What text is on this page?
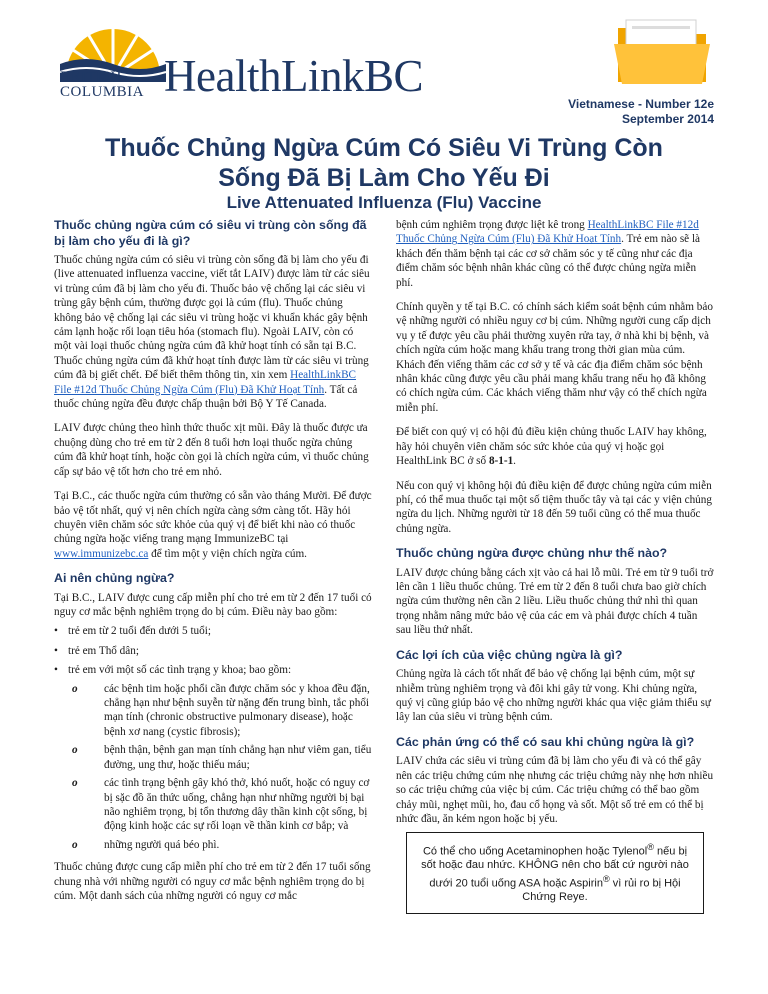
BRITISH
COLUMBIA HealthLinkBC
Vietnamese - Number 12e
September 2014
Thuốc Chủng Ngừa Cúm Có Siêu Vi Trùng Còn
Sống Đã Bị Làm Cho Yếu Đi
Live Attenuated Influenza (Flu) Vaccine
Thuốc chủng ngừa cúm có siêu vi trùng còn sống đã bị làm cho yếu đi là gì?

Thuốc chủng ngừa cúm có siêu vi trùng còn sống đã bị làm cho yếu đi (live attenuated influenza vaccine, viết tắt LAIV) được làm từ các siêu vi trùng cúm đã bị làm cho yếu đi. Thuốc bảo vệ chống lại các siêu vi trùng gây bệnh cúm, thường được gọi là cúm (flu). Thuốc chủng không bảo vệ chống lại các siêu vi trùng hoặc vi khuẩn khác gây bệnh cảm lạnh hoặc rối loạn tiêu hóa (stomach flu). Ngoài LAIV, còn có một vài loại thuốc chủng ngừa cúm đã khử hoạt tính có sẵn tại B.C. Thuốc chủng ngừa cúm đã khử hoạt tính được làm từ các siêu vi trùng cúm đã bị giết chết. Để biết thêm thông tin, xin xem HealthLinkBC File #12d Thuốc Chủng Ngừa Cúm (Flu) Đã Khử Hoạt Tính. Tất cả thuốc chủng ngừa đều được chấp thuận bởi Bộ Y Tế Canada.

LAIV được chủng theo hình thức thuốc xịt mũi. Đây là thuốc được ưa chuộng dùng cho trẻ em từ 2 đến 8 tuổi hơn loại thuốc ngừa chủng cúm đã khử hoạt tính, hoặc còn gọi là chích ngừa cúm, vì thuốc chủng cấp sự bảo vệ tốt hơn cho trẻ em nhỏ.

Tại B.C., các thuốc ngừa cúm thường có sẵn vào tháng Mười. Để được bảo vệ tốt nhất, quý vị nên chích ngừa càng sớm càng tốt. Hãy hỏi chuyên viên chăm sóc sức khỏe của quý vị để biết khi nào có thuốc chủng ngừa hoặc viếng trang mạng ImmunizeBC tại www.immunizebc.ca để tìm một y viện chích ngừa cúm.

Ai nên chủng ngừa?

Tại B.C., LAIV được cung cấp miễn phí cho trẻ em từ 2 đến 17 tuổi có nguy cơ mắc bệnh nghiêm trọng do bị cúm. Điều này bao gồm:

• trẻ em từ 2 tuổi đến dưới 5 tuổi;
• trẻ em Thổ dân;
• trẻ em với một số các tình trạng y khoa; bao gồm:
o các bệnh tim hoặc phổi cần được chăm sóc y khoa đều đặn, chẳng hạn như bệnh suyễn từ nặng đến trung bình, tắc phổi mạn tính (chronic obstructive pulmonary disease), hoặc bệnh xơ nang (cystic fibrosis);
o bệnh thận, bệnh gan mạn tính chẳng hạn như viêm gan, tiểu đường, ung thư, hoặc thiếu máu;
o các tình trạng bệnh gây khó thở, khó nuốt, hoặc có nguy cơ bị sặc đồ ăn thức uống, chẳng hạn như những người bị bại não nghiêm trọng, bị tổn thương dây thần kinh cột sống, bị động kinh hoặc các sự rối loạn về thần kinh cơ bắp; và
o những người quá béo phì.

Thuốc chủng được cung cấp miễn phí cho trẻ em từ 2 đến 17 tuổi sống chung nhà với những người có nguy cơ mắc bệnh nghiêm trọng do bị cúm. Một danh sách của những người có nguy cơ mắc

bệnh cúm nghiêm trọng được liệt kê trong HealthLinkBC File #12d Thuốc Chủng Ngừa Cúm (Flu) Đã Khử Hoạt Tính. Trẻ em nào sẽ là khách đến thăm bệnh tại các cơ sở chăm sóc y tế cũng như các địa điểm chăm sóc bệnh nhân khác cũng có thể được chủng ngừa miễn phí.

Chính quyền y tế tại B.C. có chính sách kiểm soát bệnh cúm nhằm bảo vệ những người có nhiều nguy cơ bị cúm. Những người cung cấp dịch vụ y tế được yêu cầu phải thường xuyên rửa tay, ở nhà khi bị bệnh, và chích ngừa cúm hoặc mang khẩu trang trong thời gian mùa cúm. Khách đến viếng thăm các cơ sở y tế và các địa điểm chăm sóc bệnh nhân khác cũng được yêu cầu phải mang khẩu trang nếu họ đã không có chích ngừa cúm. Các khách viếng thăm như vậy có thể chích ngừa miễn phí.

Để biết con quý vị có hội đủ điều kiện chủng thuốc LAIV hay không, hãy hỏi chuyên viên chăm sóc sức khỏe của quý vị hoặc gọi HealthLink BC ở số 8-1-1.

Nếu con quý vị không hội đủ điều kiện để được chủng ngừa cúm miễn phí, có thể mua thuốc tại một số tiệm thuốc tây và tại các y viện chủng ngừa du lịch. Những người từ 18 đến 59 tuổi cũng có thể mua thuốc chủng ngừa.

Thuốc chủng ngừa được chủng như thế nào?

LAIV được chủng bằng cách xịt vào cả hai lỗ mũi. Trẻ em từ 9 tuổi trở lên cần 1 liều thuốc chủng. Trẻ em từ 2 đến 8 tuổi chưa bao giờ chích ngừa cúm thường nên cần 2 liều. Liều thuốc chủng thứ nhì thì quan trọng nhằm nâng mức bảo vệ của các em và phải được chích 4 tuần sau liều thứ nhất.

Các lợi ích của việc chủng ngừa là gì?

Chủng ngừa là cách tốt nhất để bảo vệ chống lại bệnh cúm, một sự nhiễm trùng nghiêm trọng và đôi khi gây tử vong. Khi chủng ngừa, quý vị cũng giúp bảo vệ cho những người khác qua việc giảm thiểu sự lây lan của siêu vi trùng bệnh cúm.

Các phản ứng có thể có sau khi chủng ngừa là gì?

LAIV chứa các siêu vi trùng cúm đã bị làm cho yếu đi và có thể gây nên các triệu chứng cúm nhẹ nhưng các triệu chứng này nhẹ hơn nhiều so các triệu chứng của việc bị cúm. Các triệu chứng có thể bao gồm chảy mũi, nghẹt mũi, ho, đau cổ họng và sốt. Một số trẻ em có thể bị nhức đầu, ăn kém ngon hoặc bị yếu.

Có thể cho uống Acetaminophen hoặc Tylenol® nếu bị sốt hoặc đau nhức. KHÔNG nên cho bất cứ người nào dưới 20 tuổi uống ASA hoặc Aspirin® vì rủi ro bị Hội Chứng Reye.
